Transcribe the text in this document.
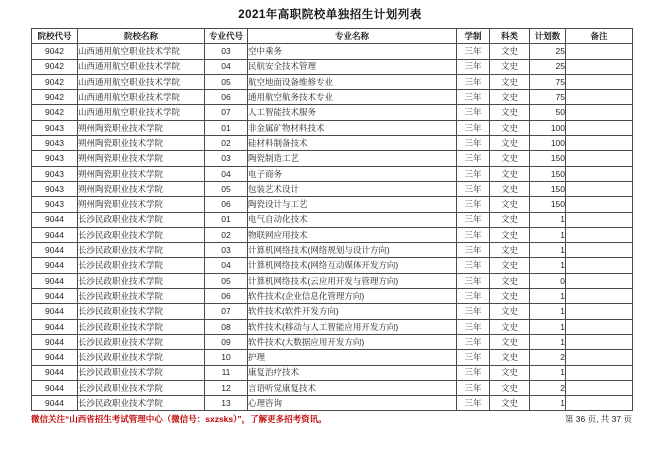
2021年高职院校单独招生计划列表
院校代号	院校名称	专业代号	专业名称	学制	科类	计划数	备注
9042	山西通用航空职业技术学院	03	空中乘务	三年	文史	25	
9042	山西通用航空职业技术学院	04	民航安全技术管理	三年	文史	25	
9042	山西通用航空职业技术学院	05	航空地面设备维修专业	三年	文史	75	
9042	山西通用航空职业技术学院	06	通用航空航务技术专业	三年	文史	75	
9042	山西通用航空职业技术学院	07	人工智能技术服务	三年	文史	50	
9043	朔州陶瓷职业技术学院	01	非金属矿物材料技术	三年	文史	100	
9043	朔州陶瓷职业技术学院	02	硅材料制备技术	三年	文史	100	
9043	朔州陶瓷职业技术学院	03	陶瓷制造工艺	三年	文史	150	
9043	朔州陶瓷职业技术学院	04	电子商务	三年	文史	150	
9043	朔州陶瓷职业技术学院	05	包装艺术设计	三年	文史	150	
9043	朔州陶瓷职业技术学院	06	陶瓷设计与工艺	三年	文史	150	
9044	长沙民政职业技术学院	01	电气自动化技术	三年	文史	1	
9044	长沙民政职业技术学院	02	物联网应用技术	三年	文史	1	
9044	长沙民政职业技术学院	03	计算机网络技术(网络规划与设计方向)	三年	文史	1	
9044	长沙民政职业技术学院	04	计算机网络技术(网络互动媒体开发方向)	三年	文史	1	
9044	长沙民政职业技术学院	05	计算机网络技术(云应用开发与管理方向)	三年	文史	0	
9044	长沙民政职业技术学院	06	软件技术(企业信息化管理方向)	三年	文史	1	
9044	长沙民政职业技术学院	07	软件技术(软件开发方向)	三年	文史	1	
9044	长沙民政职业技术学院	08	软件技术(移动与人工智能应用开发方向)	三年	文史	1	
9044	长沙民政职业技术学院	09	软件技术(大数据应用开发方向)	三年	文史	1	
9044	长沙民政职业技术学院	10	护理	三年	文史	2	
9044	长沙民政职业技术学院	11	康复治疗技术	三年	文史	1	
9044	长沙民政职业技术学院	12	言语听觉康复技术	三年	文史	2	
9044	长沙民政职业技术学院	13	心理咨询	三年	文史	1	
微信关注“山西省招生考试管理中心（微信号：sxzsks）”，了解更多招考资讯。	第 36 页, 共 37 页
